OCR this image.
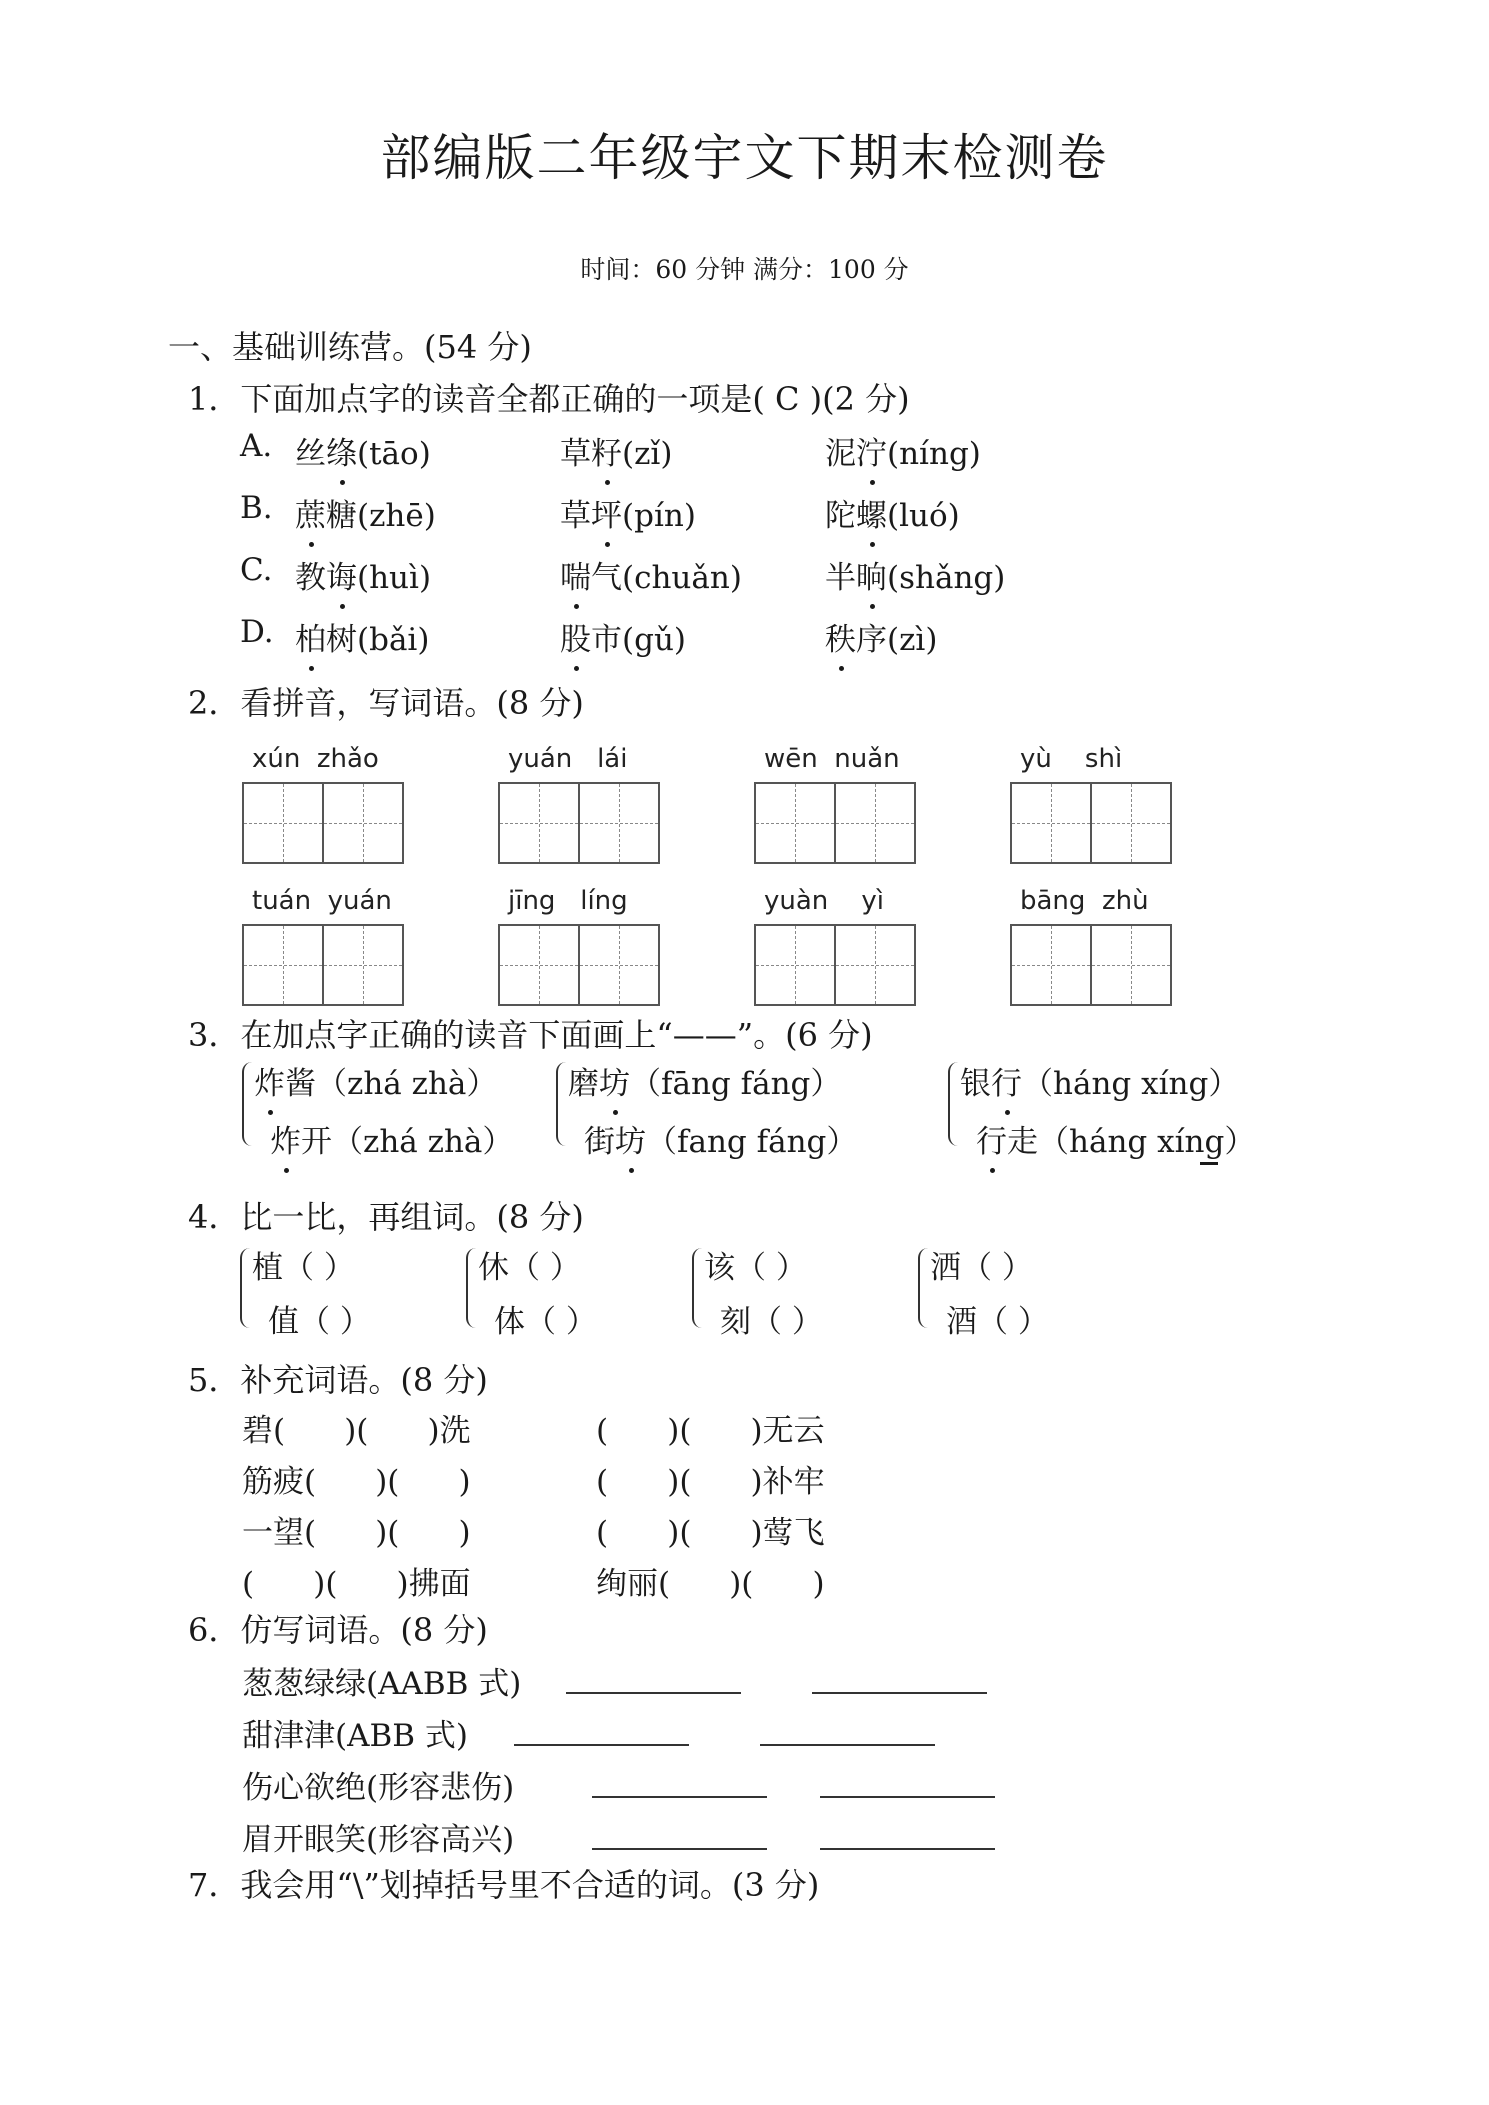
部编版二年级宇文下期末检测卷
时间：60 分钟 满分：100 分
一、基础训练营。(54 分)
1．下面加点字的读音全都正确的一项是( C )(2 分)
A. 丝绦(tāo)	草籽(zǐ)	泥泞(níng)
B. 蔗糖(zhē)	草坪(pín)	陀螺(luó)
C. 教诲(huì)	喘气(chuǎn)	半晌(shǎng)
D. 柏树(bǎi)	股市(gǔ)	秩序(zì)
2．看拼音，写词语。(8 分)
xún  zhǎo	yuán   lái	wēn  nuǎn	yù    shì
tuán  yuán	jīng   líng	yuàn    yì	bāng  zhù
3．在加点字正确的读音下面画上“——”。(6 分)
炸酱（zhá zhà）
炸开（zhá zhà）
磨坊（fāng fáng）
街坊（fang fáng）
银行（háng xíng）
行走（háng xíng）
4．比一比，再组词。(8 分)
植（ ）
值（ ）
休（ ）
体（ ）
该（ ）
刻（ ）
洒（ ）
酒（ ）
5．补充词语。(8 分)
碧(      )(      )洗	(      )(      )无云
筋疲(      )(      )	(      )(      )补牢
一望(      )(      )	(      )(      )莺飞
(      )(      )拂面	绚丽(      )(      )
6．仿写词语。(8 分)
葱葱绿绿(AABB 式)
甜津津(ABB 式)
伤心欲绝(形容悲伤)
眉开眼笑(形容高兴)
7．我会用“\”划掉括号里不合适的词。(3 分)
